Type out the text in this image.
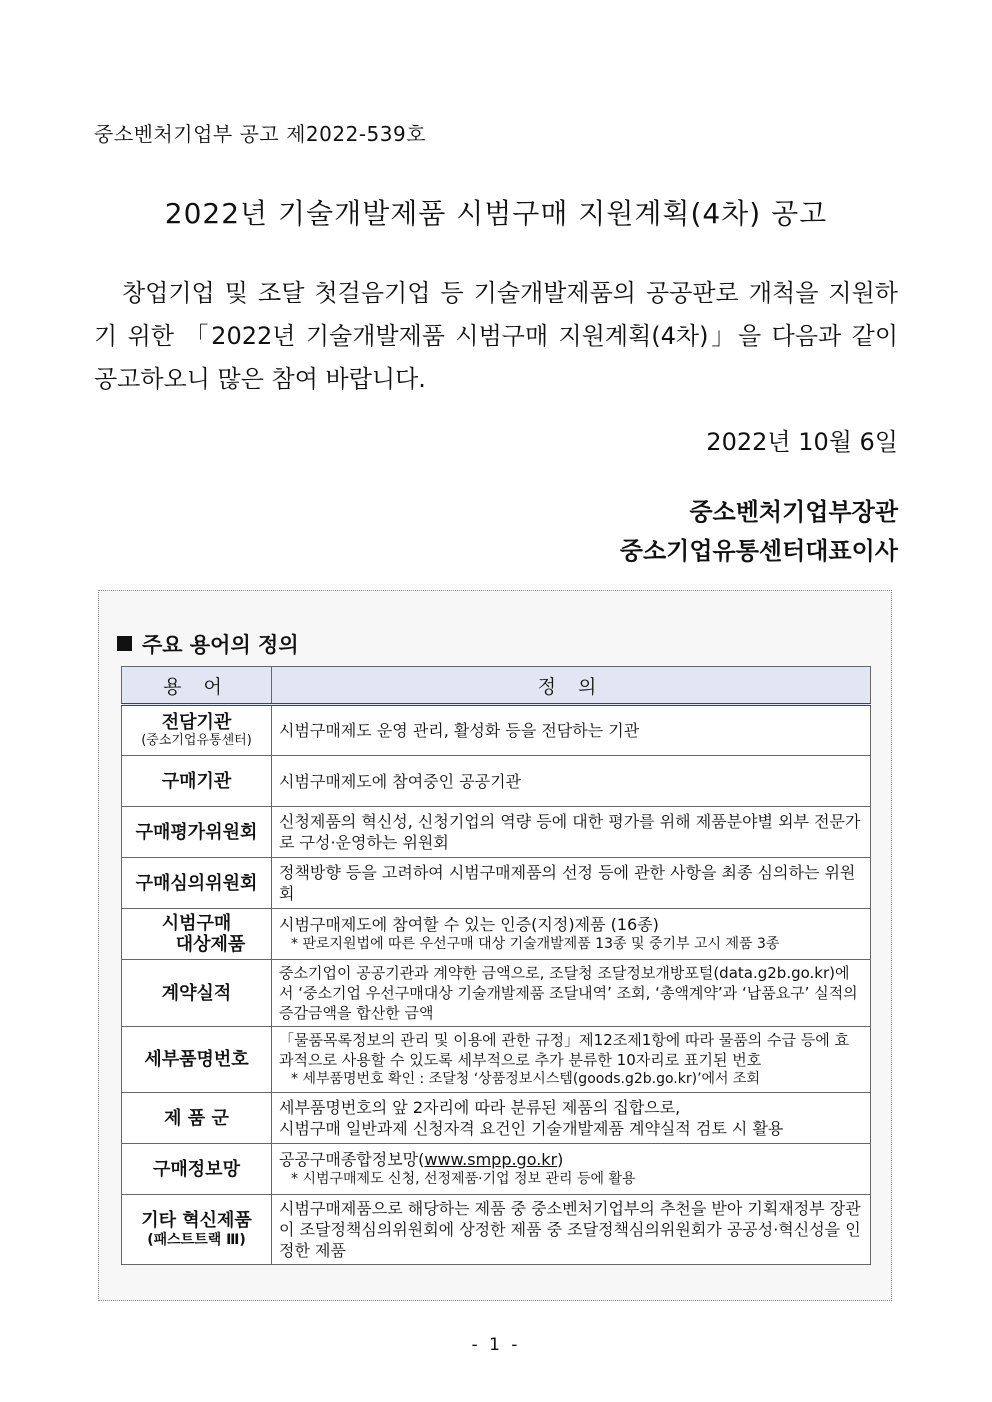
중소벤처기업부 공고 제2022-539호
2022년 기술개발제품 시범구매 지원계획(4차) 공고
창업기업 및 조달 첫걸음기업 등 기술개발제품의 공공판로 개척을 지원하기 위한 「2022년 기술개발제품 시범구매 지원계획(4차)」을 다음과 같이 공고하오니 많은 참여 바랍니다.
2022년 10월 6일
중소벤처기업부장관
중소기업유통센터대표이사
주요 용어의 정의
용 어	정 의
전담기관
(중소기업유통센터)	시범구매제도 운영 관리, 활성화 등을 전담하는 기관
구매기관	시범구매제도에 참여중인 공공기관
구매평가위원회	신청제품의 혁신성, 신청기업의 역량 등에 대한 평가를 위해 제품분야별 외부 전문가로 구성·운영하는 위원회
구매심의위원회	정책방향 등을 고려하여 시범구매제품의 선정 등에 관한 사항을 최종 심의하는 위원회

시범구매
대상제품	시범구매제도에 참여할 수 있는 인증(지정)제품 (16종)
* 판로지원법에 따른 우선구매 대상 기술개발제품 13종 및 중기부 고시 제품 3종

계약실적	중소기업이 공공기관과 계약한 금액으로, 조달청 조달정보개방포털(data.g2b.go.kr)에서 ‘중소기업 우선구매대상 기술개발제품 조달내역’ 조회, ‘총액계약’과 ‘납품요구’ 실적의 증감금액을 합산한 금액
세부품명번호	「물품목록정보의 관리 및 이용에 관한 규정」제12조제1항에 따라 물품의 수급 등에 효과적으로 사용할 수 있도록 세부적으로 추가 분류한 10자리로 표기된 번호
* 세부품명번호 확인 : 조달청 ‘상품정보시스템(goods.g2b.go.kr)’에서 조회

제 품 군	세부품명번호의 앞 2자리에 따라 분류된 제품의 집합으로,
시범구매 일반과제 신청자격 요건인 기술개발제품 계약실적 검토 시 활용

구매정보망	공공구매종합정보망(www.smpp.go.kr)
* 시범구매제도 신청, 선정제품·기업 정보 관리 등에 활용

기타 혁신제품
(패스트트랙 Ⅲ)	시범구매제품으로 해당하는 제품 중 중소벤처기업부의 추천을 받아 기획재정부 장관이 조달정책심의위원회에 상정한 제품 중 조달정책심의위원회가 공공성·혁신성을 인정한 제품
- 1 -
